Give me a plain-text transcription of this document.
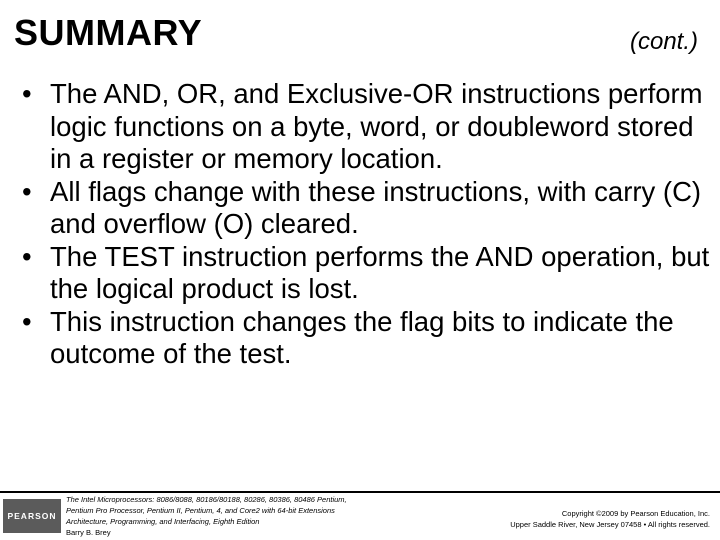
SUMMARY	(cont.)
• The AND, OR, and Exclusive-OR instructions perform logic functions on a byte, word, or doubleword stored in a register or memory location.
• All flags change with these instructions, with carry (C) and overflow (O) cleared.
• The TEST instruction performs the AND operation, but the logical product is lost.
• This instruction changes the flag bits to indicate the outcome of the test.
PEARSON
The Intel Microprocessors: 8086/8088, 80186/80188, 80286, 80386, 80486 Pentium,
Pentium Pro Processor, Pentium II, Pentium, 4, and Core2 with 64-bit Extensions
Architecture, Programming, and Interfacing, Eighth Edition
Barry B. Brey
Copyright ©2009 by Pearson Education, Inc.
Upper Saddle River, New Jersey 07458 • All rights reserved.
